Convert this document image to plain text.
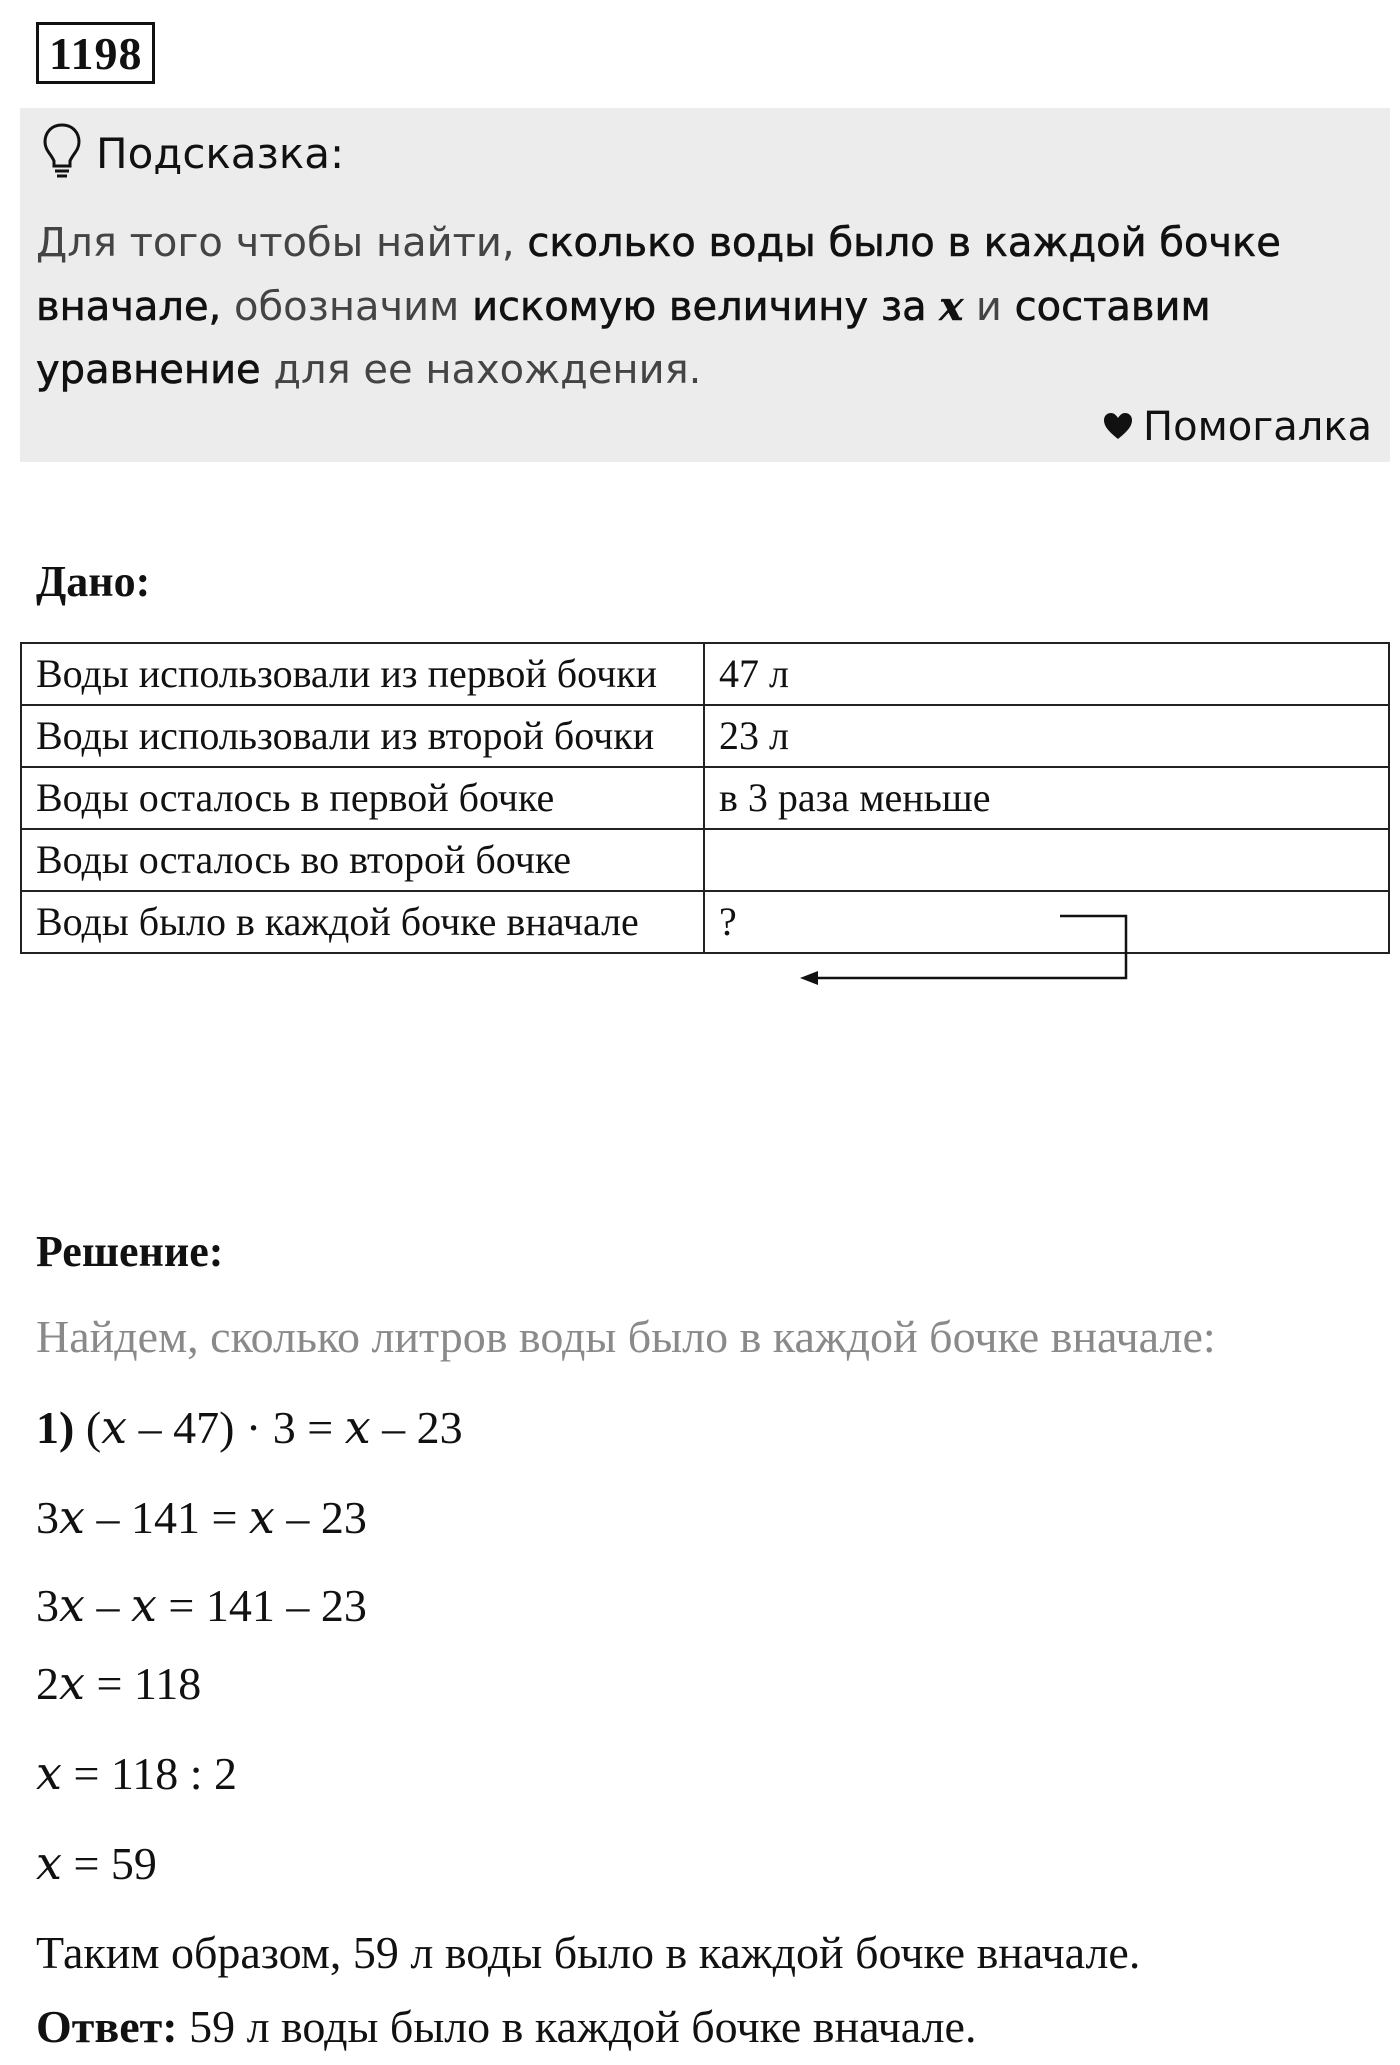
1198
Подсказка:
Для того чтобы найти, сколько воды было в каждой бочке вначале, обозначим искомую величину за x и составим уравнение для ее нахождения.
Помогалка
Дано:
Воды использовали из первой бочки	47 л
Воды использовали из второй бочки	23 л
Воды осталось в первой бочке	в 3 раза меньше
Воды осталось во второй бочке	
Воды было в каждой бочке вначале	?
Решение:
Найдем, сколько литров воды было в каждой бочке вначале:
1) (x – 47) · 3 = x – 23
3x – 141 = x – 23
3x – x = 141 – 23
2x = 118
x = 118 : 2
x = 59
Таким образом, 59 л воды было в каждой бочке вначале.
Ответ: 59 л воды было в каждой бочке вначале.
